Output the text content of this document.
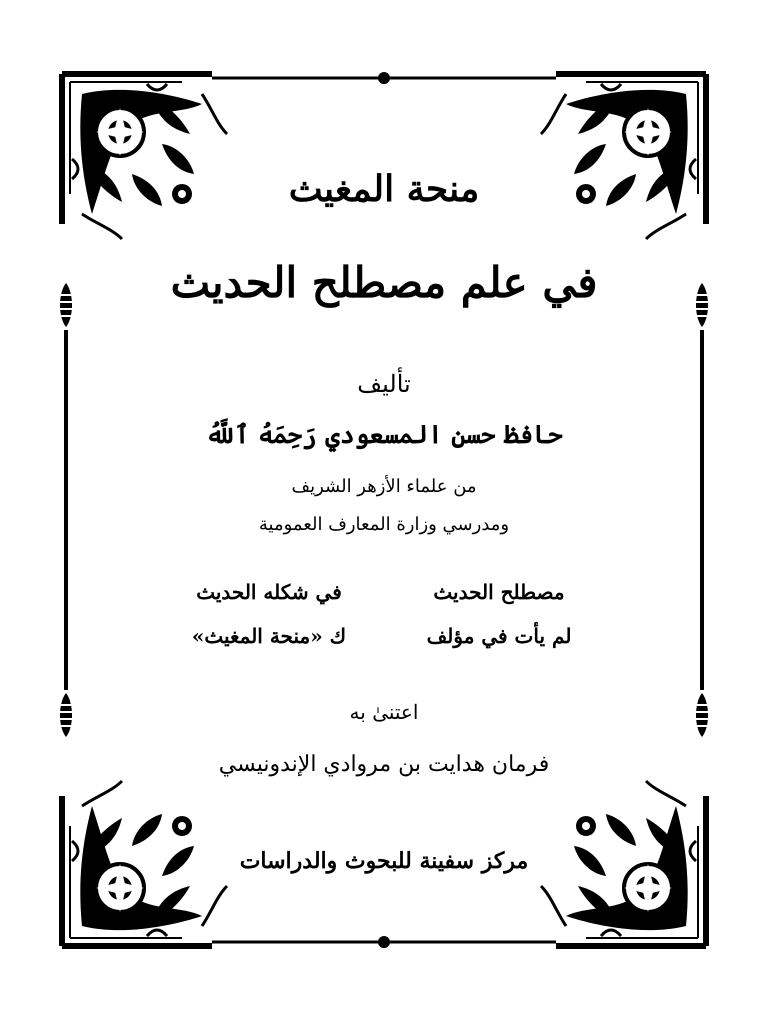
منحة المغيث
في علم مصطلح الحديث
تأليف
حافظ حسن المسعودي رَحِمَهُ ٱللَّهُ
من علماء الأزهر الشريف
ومدرسي وزارة المعارف العمومية
مصطلح الحديثفي شكله الحديث
لم يأت في مؤلفك «منحة المغيث»
اعتنىٰ به
فرمان هدايت بن مروادي الإندونيسي
مركز سفينة للبحوث والدراسات
